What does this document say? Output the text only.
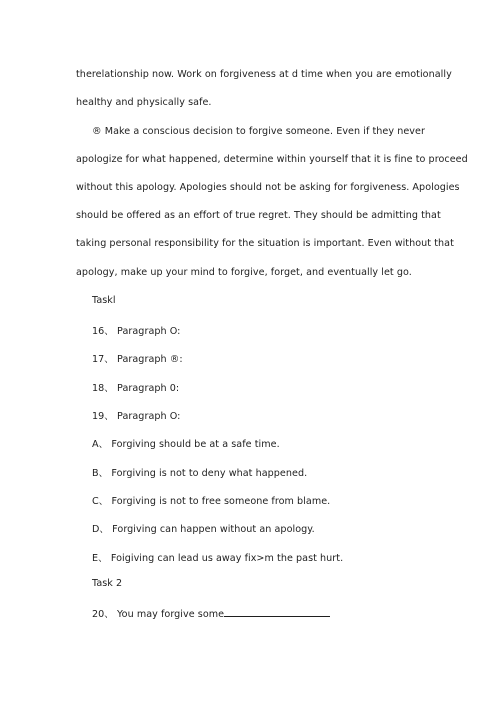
therelationship now. Work on forgiveness at d time when you are emotionally
healthy and physically safe.
® Make a conscious decision to forgive someone. Even if they never
apologize for what happened, determine within yourself that it is fine to proceed
without this apology. Apologies should not be asking for forgiveness. Apologies
should be offered as an effort of true regret. They should be admitting that
taking personal responsibility for the situation is important. Even without that
apology, make up your mind to forgive, forget, and eventually let go.
Taskl
16、 Paragraph O:
17、 Paragraph ®:
18、 Paragraph 0:
19、 Paragraph O:
A、 Forgiving should be at a safe time.
B、 Forgiving is not to deny what happened.
C、 Forgiving is not to free someone from blame.
D、 Forgiving can happen without an apology.
E、 Foigiving can lead us away fix>m the past hurt.
Task 2
20、 You may forgive some
